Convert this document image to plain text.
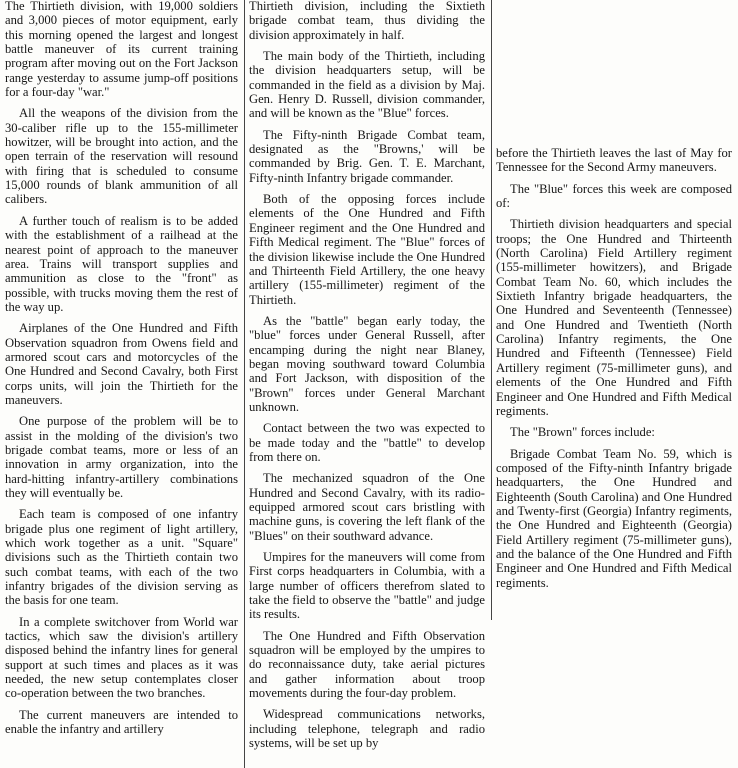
The Thirtieth division, with 19,000 soldiers and 3,000 pieces of motor equipment, early this morning opened the largest and longest battle maneuver of its current training program after moving out on the Fort Jackson range yesterday to assume jump-off positions for a four-day "war."

All the weapons of the division from the 30-caliber rifle up to the 155-millimeter howitzer, will be brought into action, and the open terrain of the reservation will resound with firing that is scheduled to consume 15,000 rounds of blank ammunition of all calibers.

A further touch of realism is to be added with the establishment of a railhead at the nearest point of approach to the maneuver area. Trains will transport supplies and ammunition as close to the "front" as possible, with trucks moving them the rest of the way up.

Airplanes of the One Hundred and Fifth Observation squadron from Owens field and armored scout cars and motorcycles of the One Hundred and Second Cavalry, both First corps units, will join the Thirtieth for the maneuvers.

One purpose of the problem will be to assist in the molding of the division's two brigade combat teams, more or less of an innovation in army organization, into the hard-hitting infantry-artillery combinations they will eventually be.

Each team is composed of one infantry brigade plus one regiment of light artillery, which work together as a unit. "Square" divisions such as the Thirtieth contain two such combat teams, with each of the two infantry brigades of the division serving as the basis for one team.

In a complete switchover from World war tactics, which saw the division's artillery disposed behind the infantry lines for general support at such times and places as it was needed, the new setup contemplates closer co-operation between the two branches.

The current maneuvers are intended to enable the infantry and artillery

Thirtieth division, including the Sixtieth brigade combat team, thus dividing the division approximately in half.

The main body of the Thirtieth, including the division headquarters setup, will be commanded in the field as a division by Maj. Gen. Henry D. Russell, division commander, and will be known as the "Blue" forces.

The Fifty-ninth Brigade Combat team, designated as the "Browns,' will be commanded by Brig. Gen. T. E. Marchant, Fifty-ninth Infantry brigade commander.

Both of the opposing forces include elements of the One Hundred and Fifth Engineer regiment and the One Hundred and Fifth Medical regiment. The "Blue" forces of the division likewise include the One Hundred and Thirteenth Field Artillery, the one heavy artillery (155-millimeter) regiment of the Thirtieth.

As the "battle" began early today, the "blue" forces under General Russell, after encamping during the night near Blaney, began moving southward toward Columbia and Fort Jackson, with disposition of the "Brown" forces under General Marchant unknown.

Contact between the two was expected to be made today and the "battle" to develop from there on.

The mechanized squadron of the One Hundred and Second Cavalry, with its radio-equipped armored scout cars bristling with machine guns, is covering the left flank of the "Blues" on their southward advance.

Umpires for the maneuvers will come from First corps headquarters in Columbia, with a large number of officers therefrom slated to take the field to observe the "battle" and judge its results.

The One Hundred and Fifth Observation squadron will be employed by the umpires to do reconnaissance duty, take aerial pictures and gather information about troop movements during the four-day problem.

Widespread communications networks, including telephone, telegraph and radio systems, will be set up by

before the Thirtieth leaves the last of May for Tennessee for the Second Army maneuvers.

The "Blue" forces this week are composed of:

Thirtieth division headquarters and special troops; the One Hundred and Thirteenth (North Carolina) Field Artillery regiment (155-millimeter howitzers), and Brigade Combat Team No. 60, which includes the Sixtieth Infantry brigade headquarters, the One Hundred and Seventeenth (Tennessee) and One Hundred and Twentieth (North Carolina) Infantry regiments, the One Hundred and Fifteenth (Tennessee) Field Artillery regiment (75-millimeter guns), and elements of the One Hundred and Fifth Engineer and One Hundred and Fifth Medical regiments.

The "Brown" forces include:

Brigade Combat Team No. 59, which is composed of the Fifty-ninth Infantry brigade headquarters, the One Hundred and Eighteenth (South Carolina) and One Hundred and Twenty-first (Georgia) Infantry regiments, the One Hundred and Eighteenth (Georgia) Field Artillery regiment (75-millimeter guns), and the balance of the One Hundred and Fifth Engineer and One Hundred and Fifth Medical regiments.
